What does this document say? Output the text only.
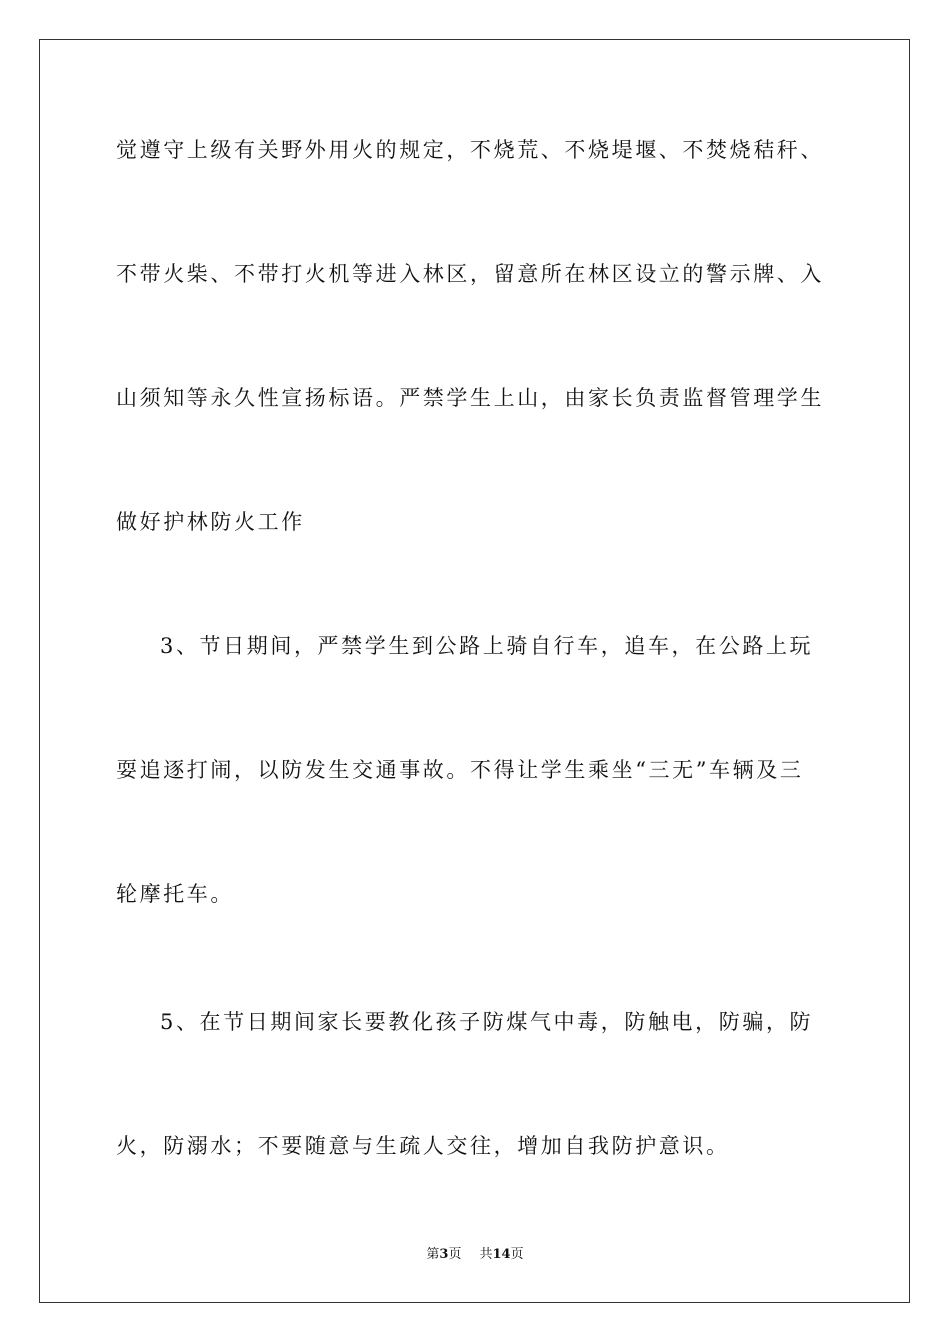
觉遵守上级有关野外用火的规定，不烧荒、不烧堤堰、不焚烧秸秆、
不带火柴、不带打火机等进入林区，留意所在林区设立的警示牌、入
山须知等永久性宣扬标语。严禁学生上山，由家长负责监督管理学生
做好护林防火工作
3、节日期间，严禁学生到公路上骑自行车，追车，在公路上玩
耍追逐打闹，以防发生交通事故。不得让学生乘坐“三无”车辆及三
轮摩托车。
5、在节日期间家长要教化孩子防煤气中毒，防触电，防骗，防
火，防溺水；不要随意与生疏人交往，增加自我防护意识。
第3页 共14页
